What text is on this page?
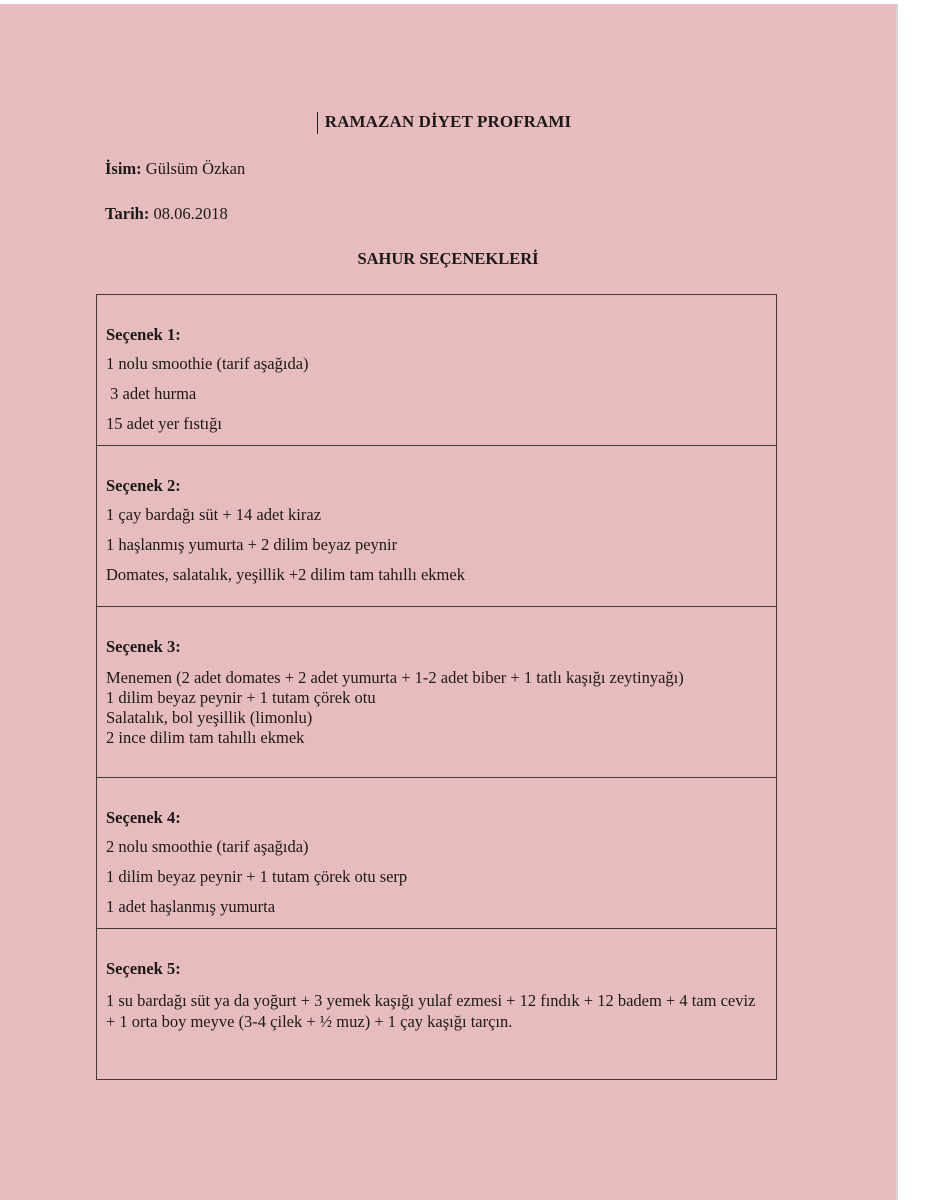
RAMAZAN DİYET PROFRAMI
İsim: Gülsüm Özkan
Tarih: 08.06.2018
SAHUR SEÇENEKLERİ
Seçenek 1:
1 nolu smoothie (tarif aşağıda)
3 adet hurma
15 adet yer fıstığı
Seçenek 2:
1 çay bardağı süt + 14 adet kiraz
1 haşlanmış yumurta + 2 dilim beyaz peynir
Domates, salatalık, yeşillik +2 dilim tam tahıllı ekmek
Seçenek 3:
Menemen (2 adet domates + 2 adet yumurta + 1-2 adet biber + 1 tatlı kaşığı zeytinyağı)
1 dilim beyaz peynir + 1 tutam çörek otu
Salatalık, bol yeşillik (limonlu)
2 ince dilim tam tahıllı ekmek
Seçenek 4:
2 nolu smoothie (tarif aşağıda)
1 dilim beyaz peynir + 1 tutam çörek otu serp
1 adet haşlanmış yumurta
Seçenek 5:
1 su bardağı süt ya da yoğurt + 3 yemek kaşığı yulaf ezmesi + 12 fındık + 12 badem + 4 tam ceviz + 1 orta boy meyve (3-4 çilek + ½ muz) + 1 çay kaşığı tarçın.
